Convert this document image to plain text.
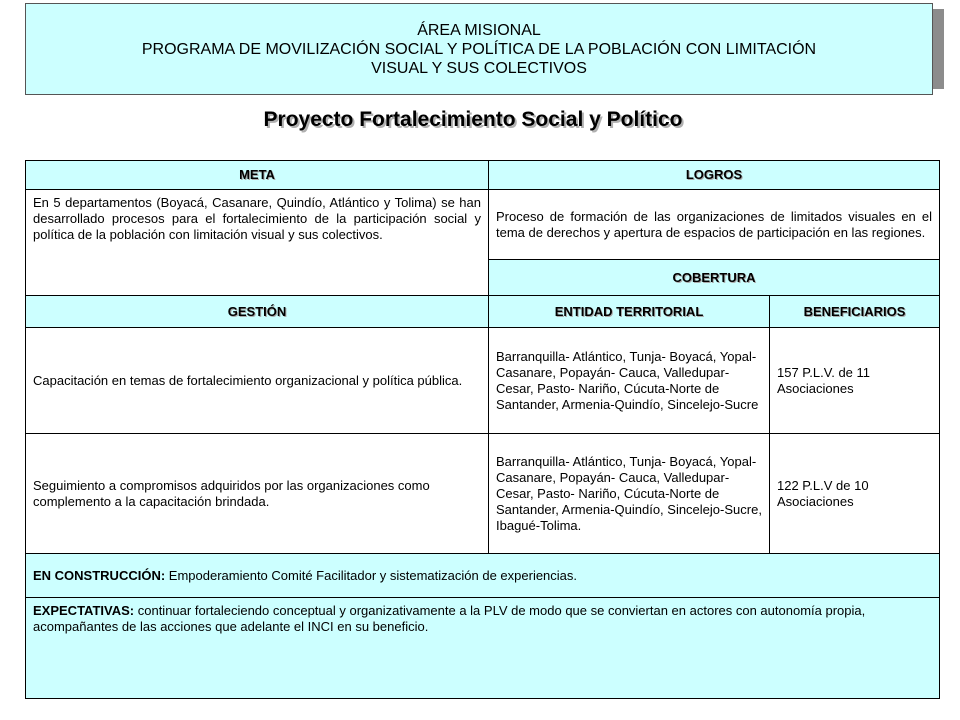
ÁREA MISIONAL
PROGRAMA DE MOVILIZACIÓN SOCIAL Y POLÍTICA DE LA POBLACIÓN CON LIMITACIÓN
VISUAL Y SUS COLECTIVOS
Proyecto Fortalecimiento Social y Político
META	LOGROS	
En 5 departamentos (Boyacá, Casanare, Quindío, Atlántico y Tolima) se han desarrollado procesos para el fortalecimiento de la participación social y política de la población con limitación visual y sus colectivos.	Proceso de formación de las organizaciones de limitados visuales en el tema de derechos y apertura de espacios de participación en las regiones.	
	COBERTURA	
GESTIÓN	ENTIDAD TERRITORIAL	BENEFICIARIOS
Capacitación en temas de fortalecimiento organizacional y política pública.	Barranquilla- Atlántico, Tunja- Boyacá, Yopal-Casanare, Popayán- Cauca, Valledupar- Cesar, Pasto- Nariño, Cúcuta-Norte de Santander, Armenia-Quindío, Sincelejo-Sucre	157 P.L.V. de 11 Asociaciones
Seguimiento a compromisos adquiridos por las organizaciones como complemento a la capacitación brindada.	Barranquilla- Atlántico, Tunja- Boyacá, Yopal-Casanare, Popayán- Cauca, Valledupar- Cesar, Pasto- Nariño, Cúcuta-Norte de Santander, Armenia-Quindío, Sincelejo-Sucre, Ibagué-Tolima.	122 P.L.V de 10 Asociaciones
EN CONSTRUCCIÓN: Empoderamiento Comité Facilitador y sistematización de experiencias.		
EXPECTATIVAS: continuar fortaleciendo conceptual y organizativamente a la PLV de modo que se conviertan en actores con autonomía propia, acompañantes de las acciones que adelante el INCI en su beneficio.		
